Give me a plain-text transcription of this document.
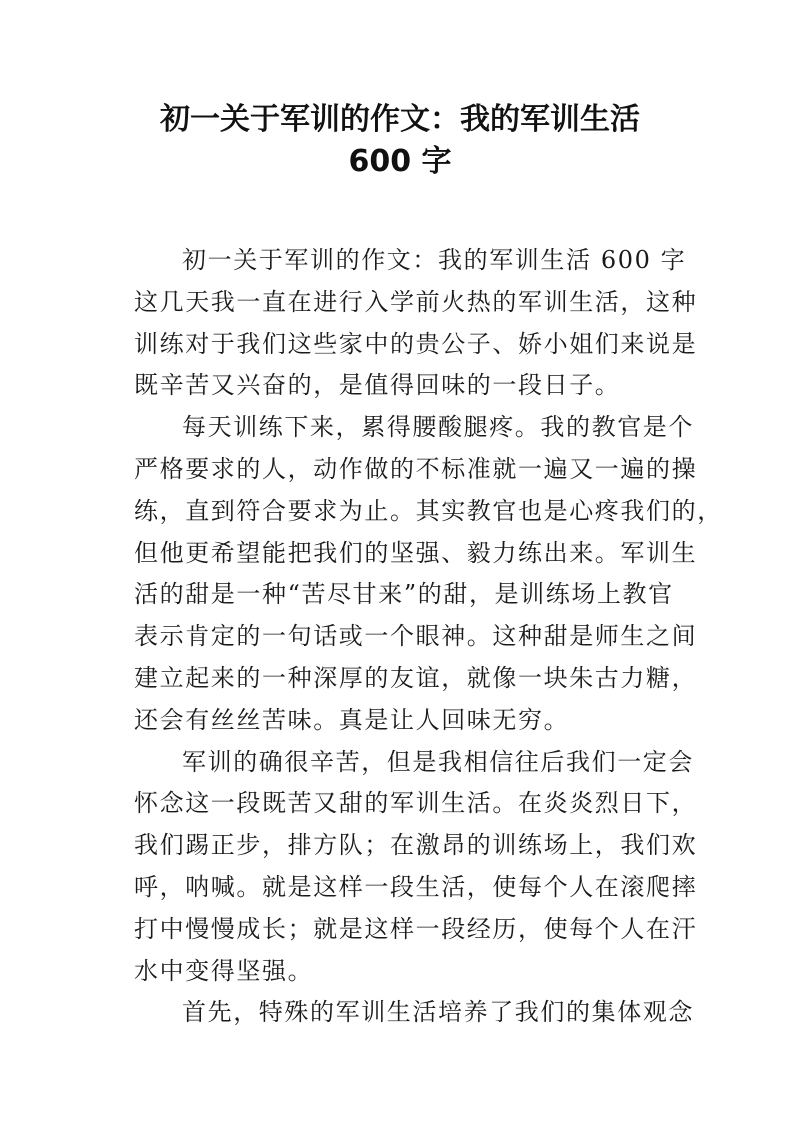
初一关于军训的作文：我的军训生活
600 字
初一关于军训的作文：我的军训生活 600 字
这几天我一直在进行入学前火热的军训生活，这种
训练对于我们这些家中的贵公子、娇小姐们来说是
既辛苦又兴奋的，是值得回味的一段日子。
每天训练下来，累得腰酸腿疼。我的教官是个
严格要求的人，动作做的不标准就一遍又一遍的操
练，直到符合要求为止。其实教官也是心疼我们的，
但他更希望能把我们的坚强、毅力练出来。军训生
活的甜是一种“苦尽甘来”的甜，是训练场上教官
表示肯定的一句话或一个眼神。这种甜是师生之间
建立起来的一种深厚的友谊，就像一块朱古力糖，
还会有丝丝苦味。真是让人回味无穷。
军训的确很辛苦，但是我相信往后我们一定会
怀念这一段既苦又甜的军训生活。在炎炎烈日下，
我们踢正步，排方队；在激昂的训练场上，我们欢
呼，呐喊。就是这样一段生活，使每个人在滚爬摔
打中慢慢成长；就是这样一段经历，使每个人在汗
水中变得坚强。
首先，特殊的军训生活培养了我们的集体观念
